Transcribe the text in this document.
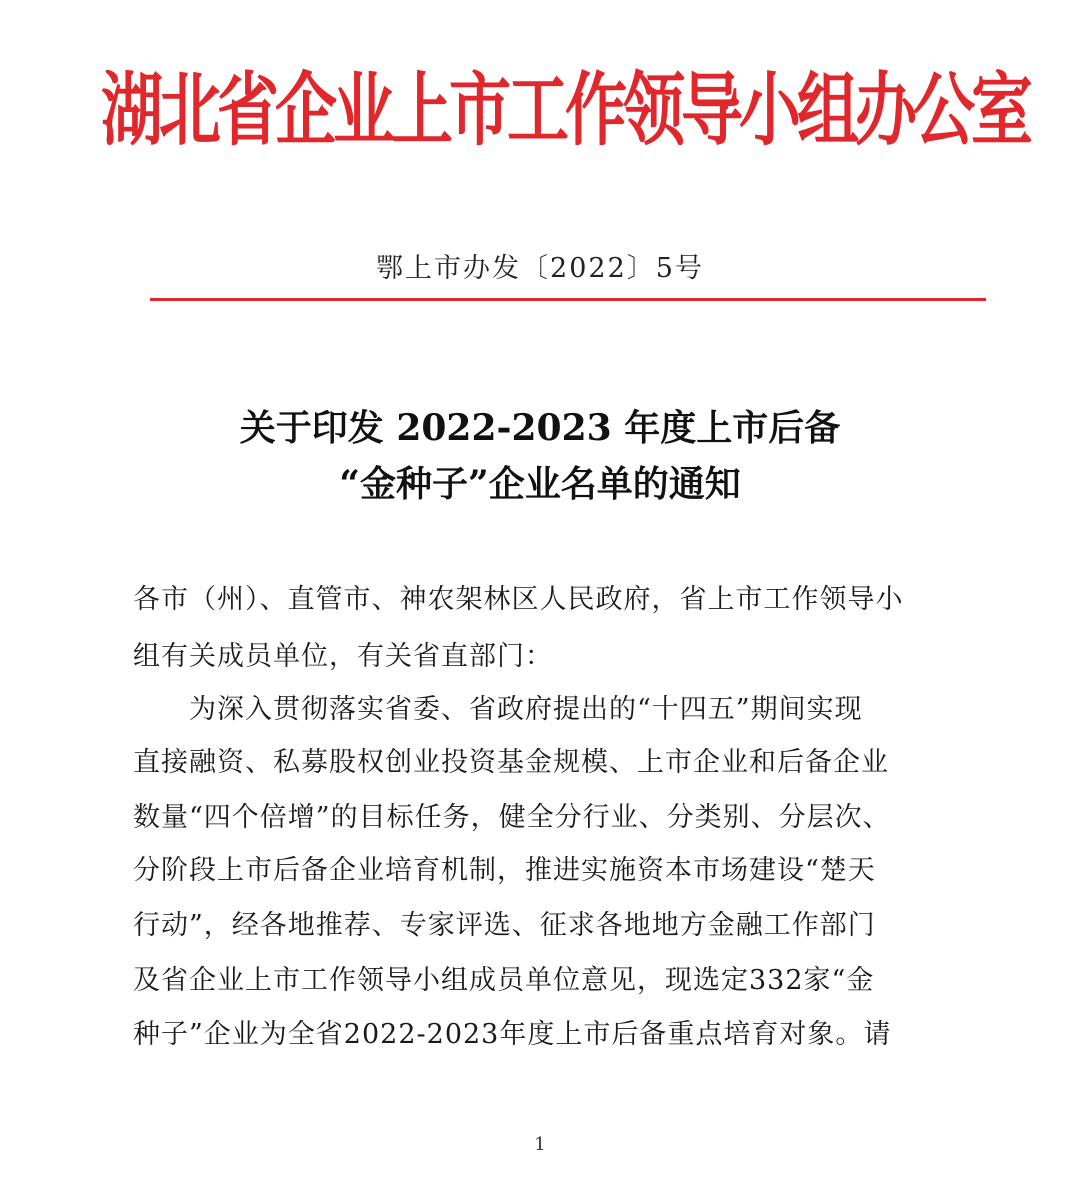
湖北省企业上市工作领导小组办公室
鄂上市办发〔2022〕5号
关于印发 2022-2023 年度上市后备
“金种子”企业名单的通知
各市（州）、直管市、神农架林区人民政府，省上市工作领导小
组有关成员单位，有关省直部门：
　　为深入贯彻落实省委、省政府提出的“十四五”期间实现
直接融资、私募股权创业投资基金规模、上市企业和后备企业
数量“四个倍增”的目标任务，健全分行业、分类别、分层次、
分阶段上市后备企业培育机制，推进实施资本市场建设“楚天
行动”，经各地推荐、专家评选、征求各地地方金融工作部门
及省企业上市工作领导小组成员单位意见，现选定332家“金
种子”企业为全省2022-2023年度上市后备重点培育对象。请
1
